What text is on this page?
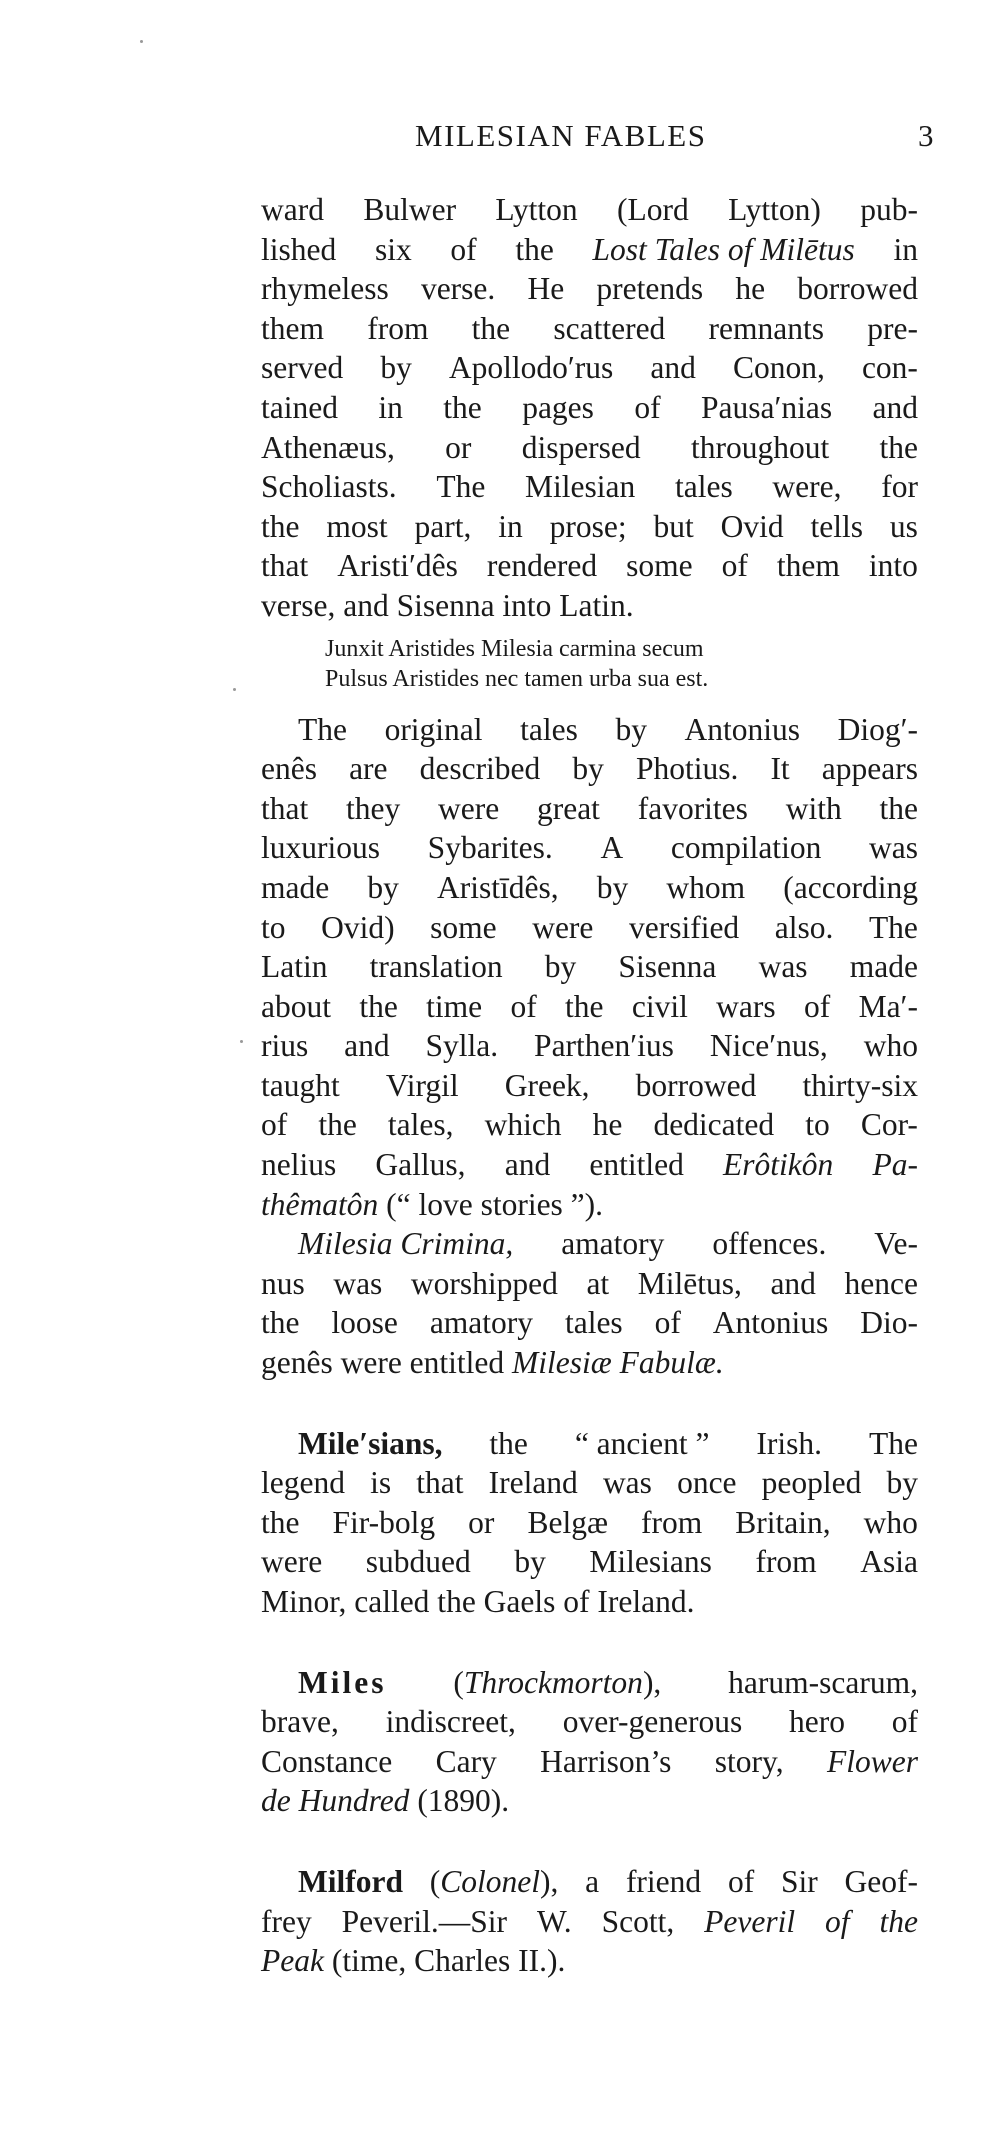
MILESIAN FABLES	3
ward Bulwer Lytton (Lord Lytton) pub-
lished six of the Lost Tales of Milētus in
rhymeless verse. He pretends he borrowed
them from the scattered remnants pre-
served by Apollodo′rus and Conon, con-
tained in the pages of Pausa′nias and
Athenæus, or dispersed throughout the
Scholiasts. The Milesian tales were, for
the most part, in prose; but Ovid tells us
that Aristi′dês rendered some of them into
verse, and Sisenna into Latin.
Junxit Aristides Milesia carmina secum
Pulsus Aristides nec tamen urba sua est.
The original tales by Antonius Diog′-
enês are described by Photius. It appears
that they were great favorites with the
luxurious Sybarites. A compilation was
made by Aristīdês, by whom (according
to Ovid) some were versified also. The
Latin translation by Sisenna was made
about the time of the civil wars of Ma′-
rius and Sylla. Parthen′ius Nice′nus, who
taught Virgil Greek, borrowed thirty-six
of the tales, which he dedicated to Cor-
nelius Gallus, and entitled Erôtikôn Pa-
thêmatôn (“ love stories ”).
Milesia Crimina, amatory offences. Ve-
nus was worshipped at Milētus, and hence
the loose amatory tales of Antonius Dio-
genês were entitled Milesiæ Fabulæ.
Mile′sians, the “ ancient ” Irish. The
legend is that Ireland was once peopled by
the Fir-bolg or Belgæ from Britain, who
were subdued by Milesians from Asia
Minor, called the Gaels of Ireland.
Miles (Throckmorton), harum-scarum,
brave, indiscreet, over-generous hero of
Constance Cary Harrison’s story, Flower
de Hundred (1890).
Milford (Colonel), a friend of Sir Geof-
frey Peveril.—Sir W. Scott, Peveril of the
Peak (time, Charles II.).
